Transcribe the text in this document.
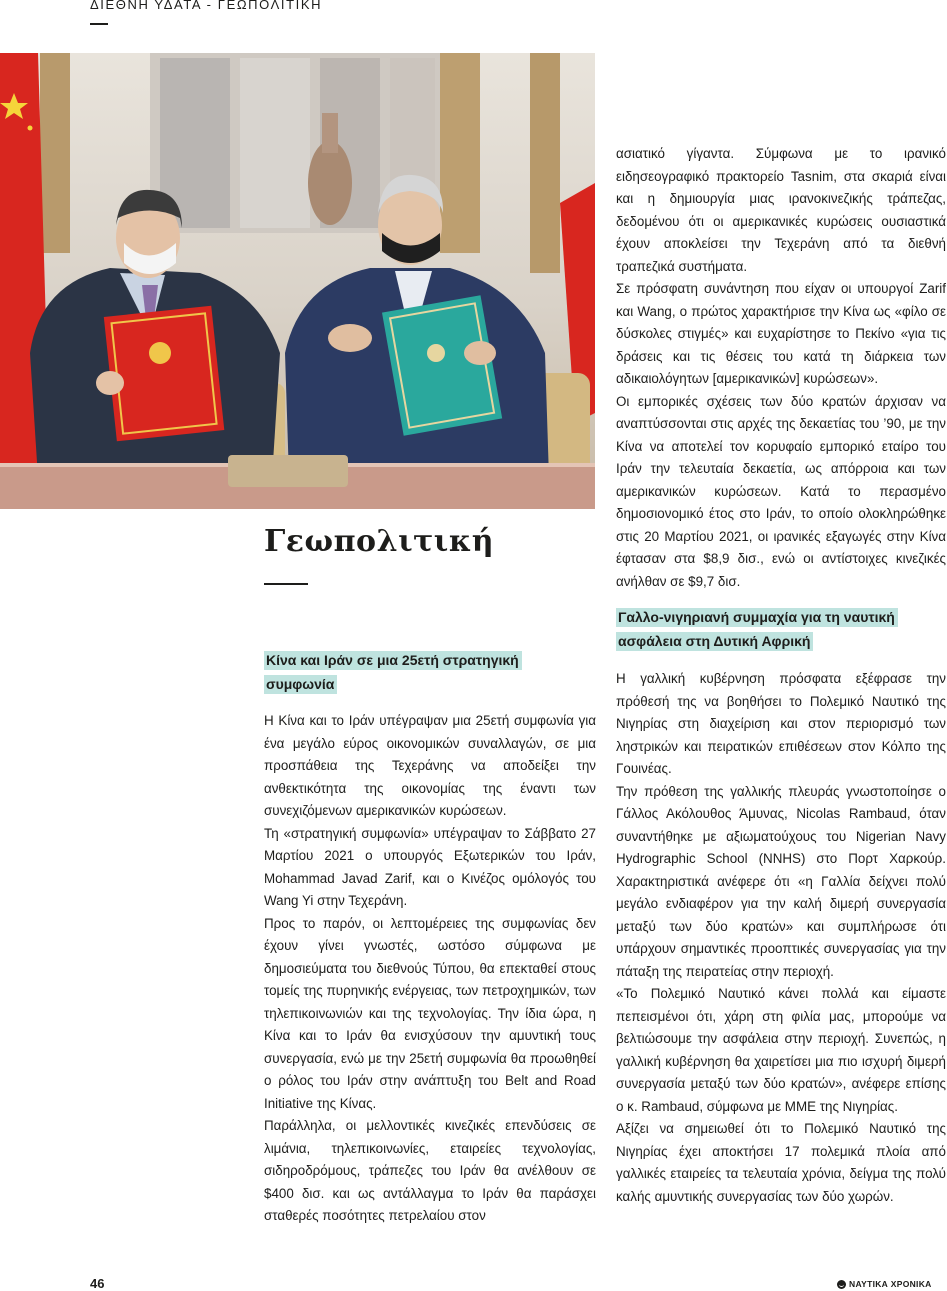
ΔΙΕΘΝΗ ΥΔΑΤΑ - ΓΕΩΠΟΛΙΤΙΚΗ
Γεωπολιτική
Κίνα και Ιράν σε μια 25ετή στρατηγική συμφωνία

Η Κίνα και το Ιράν υπέγραψαν μια 25ετή συμφωνία για ένα μεγάλο εύρος οικονομικών συναλλαγών, σε μια προσπάθεια της Τεχεράνης να αποδείξει την ανθεκτικότητα της οικονομίας της έναντι των συνεχιζόμενων αμερικανικών κυρώσεων.

Τη «στρατηγική συμφωνία» υπέγραψαν το Σάββατο 27 Μαρτίου 2021 ο υπουργός Εξωτερικών του Ιράν, Mohammad Javad Zarif, και ο Κινέζος ομόλογός του Wang Yi στην Τεχεράνη.

Προς το παρόν, οι λεπτομέρειες της συμφωνίας δεν έχουν γίνει γνωστές, ωστόσο σύμφωνα με δημοσιεύματα του διεθνούς Τύπου, θα επεκταθεί στους τομείς της πυρηνικής ενέργειας, των πετροχημικών, των τηλεπικοινωνιών και της τεχνολογίας. Την ίδια ώρα, η Κίνα και το Ιράν θα ενισχύσουν την αμυντική τους συνεργασία, ενώ με την 25ετή συμφωνία θα προωθηθεί ο ρόλος του Ιράν στην ανάπτυξη του Belt and Road Initiative της Κίνας.

Παράλληλα, οι μελλοντικές κινεζικές επενδύσεις σε λιμάνια, τηλεπικοινωνίες, εταιρείες τεχνολογίας, σιδηροδρόμους, τράπεζες του Ιράν θα ανέλθουν σε $400 δισ. και ως αντάλλαγμα το Ιράν θα παράσχει σταθερές ποσότητες πετρελαίου στον

ασιατικό γίγαντα. Σύμφωνα με το ιρανικό ειδησεογραφικό πρακτορείο Tasnim, στα σκαριά είναι και η δημιουργία μιας ιρανοκινεζικής τράπεζας, δεδομένου ότι οι αμερικανικές κυρώσεις ουσιαστικά έχουν αποκλείσει την Τεχεράνη από τα διεθνή τραπεζικά συστήματα.

Σε πρόσφατη συνάντηση που είχαν οι υπουργοί Zarif και Wang, ο πρώτος χαρακτήρισε την Κίνα ως «φίλο σε δύσκολες στιγμές» και ευχαρίστησε το Πεκίνο «για τις δράσεις και τις θέσεις του κατά τη διάρκεια των αδικαιολόγητων [αμερικανικών] κυρώσεων».

Οι εμπορικές σχέσεις των δύο κρατών άρχισαν να αναπτύσσονται στις αρχές της δεκαετίας του ’90, με την Κίνα να αποτελεί τον κορυφαίο εμπορικό εταίρο του Ιράν την τελευταία δεκαετία, ως απόρροια και των αμερικανικών κυρώσεων. Κατά το περασμένο δημοσιονομικό έτος στο Ιράν, το οποίο ολοκληρώθηκε στις 20 Μαρτίου 2021, οι ιρανικές εξαγωγές στην Κίνα έφτασαν στα $8,9 δισ., ενώ οι αντίστοιχες κινεζικές ανήλθαν σε $9,7 δισ.

Γαλλο-νιγηριανή συμμαχία για τη ναυτική ασφάλεια στη Δυτική Αφρική

Η γαλλική κυβέρνηση πρόσφατα εξέφρασε την πρόθεσή της να βοηθήσει το Πολεμικό Ναυτικό της Νιγηρίας στη διαχείριση και στον περιορισμό των ληστρικών και πειρατικών επιθέσεων στον Κόλπο της Γουινέας.

Την πρόθεση της γαλλικής πλευράς γνωστοποίησε ο Γάλλος Ακόλουθος Άμυνας, Nicolas Rambaud, όταν συναντήθηκε με αξιωματούχους του Nigerian Navy Hydrographic School (NNHS) στο Πορτ Χαρκούρ. Χαρακτηριστικά ανέφερε ότι «η Γαλλία δείχνει πολύ μεγάλο ενδιαφέρον για την καλή διμερή συνεργασία μεταξύ των δύο κρατών» και συμπλήρωσε ότι υπάρχουν σημαντικές προοπτικές συνεργασίας για την πάταξη της πειρατείας στην περιοχή.

«Το Πολεμικό Ναυτικό κάνει πολλά και είμαστε πεπεισμένοι ότι, χάρη στη φιλία μας, μπορούμε να βελτιώσουμε την ασφάλεια στην περιοχή. Συνεπώς, η γαλλική κυβέρνηση θα χαιρετίσει μια πιο ισχυρή διμερή συνεργασία μεταξύ των δύο κρατών», ανέφερε επίσης ο κ. Rambaud, σύμφωνα με ΜΜΕ της Νιγηρίας.

Αξίζει να σημειωθεί ότι το Πολεμικό Ναυτικό της Νιγηρίας έχει αποκτήσει 17 πολεμικά πλοία από γαλλικές εταιρείες τα τελευταία χρόνια, δείγμα της πολύ καλής αμυντικής συνεργασίας των δύο χωρών.

46	ΝΑΥΤΙΚΑ ΧΡΟΝΙΚΑ
